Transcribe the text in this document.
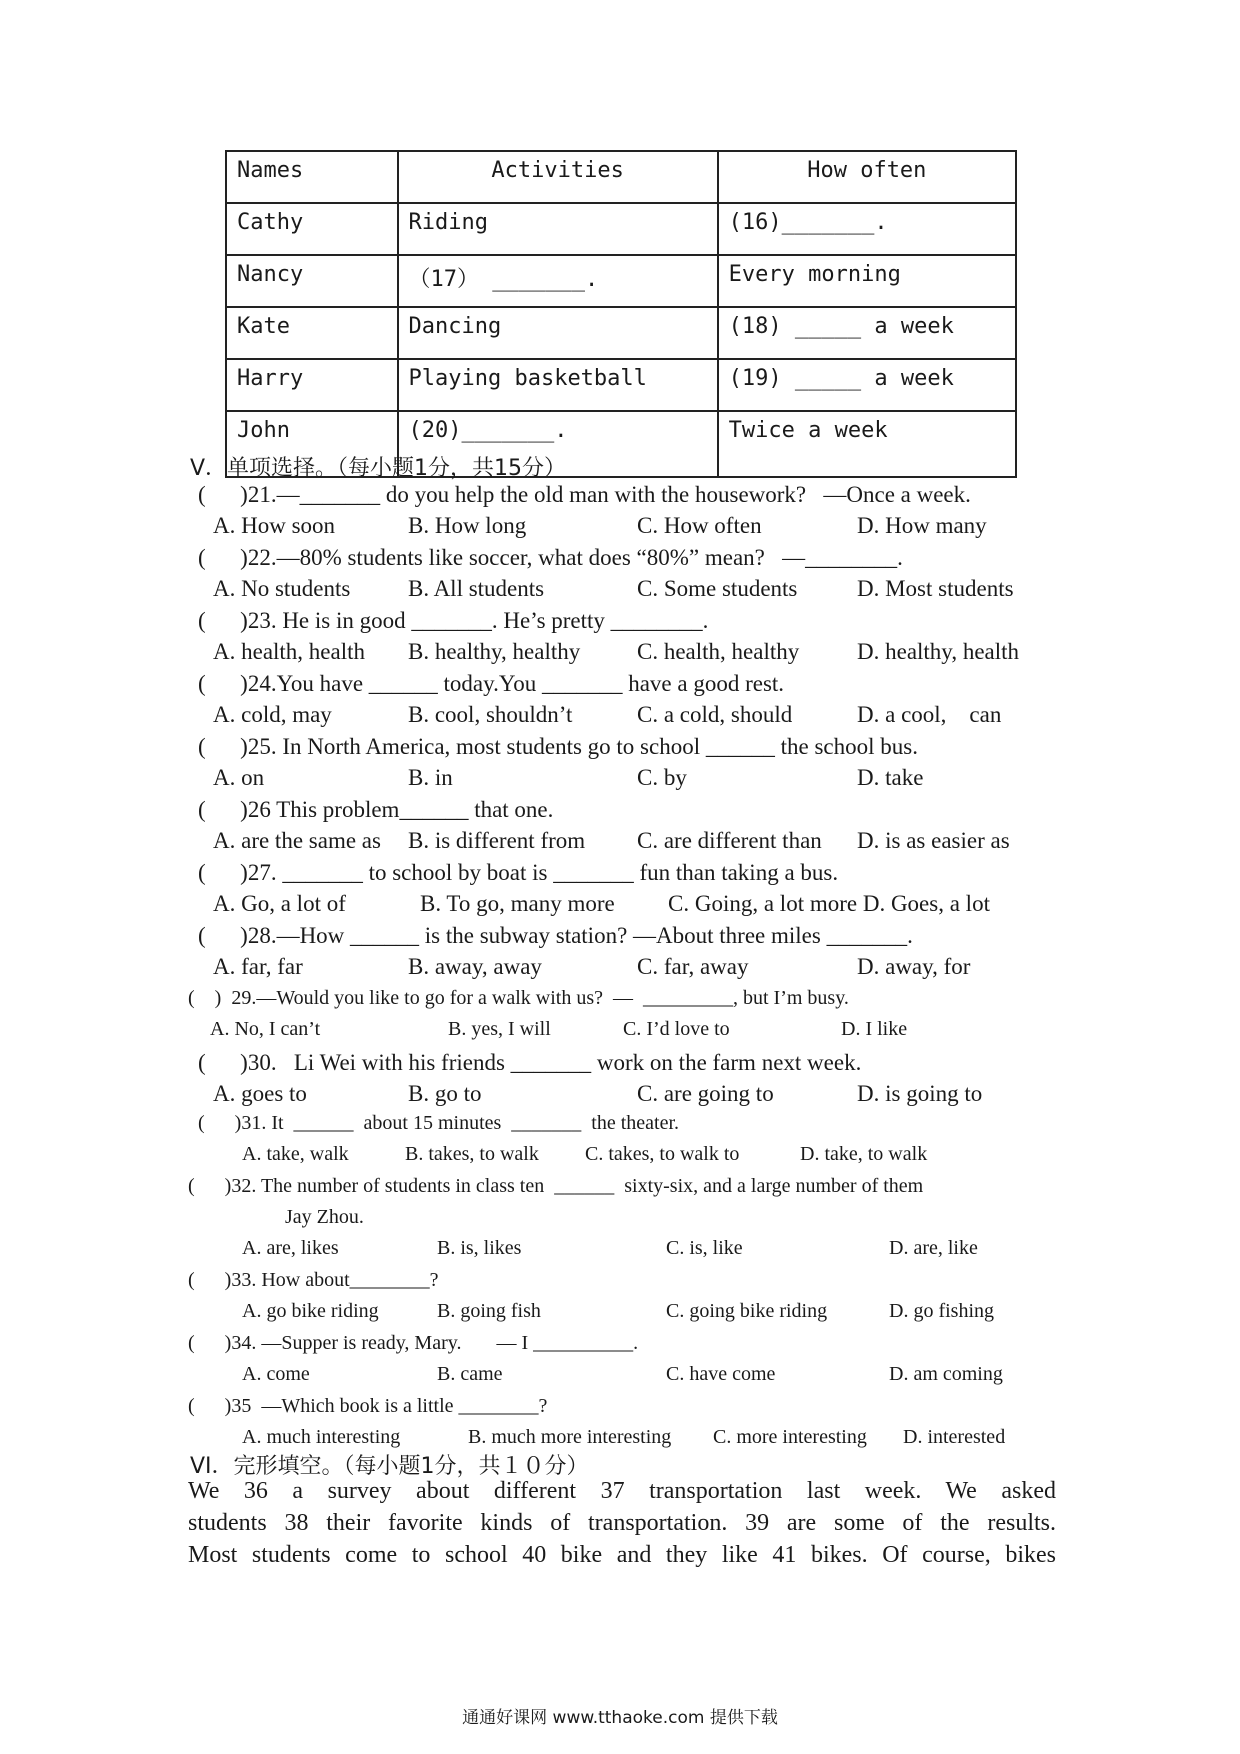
Names	Activities	How often
Cathy	Riding	(16)_______.
Nancy	（17） _______.	Every morning
Kate	Dancing	(18) _____ a week
Harry	Playing basketball	(19) _____ a week
John	(20)_______.	Twice a week
V．单项选择。（每小题1分，共15分）
(      )21.—_______ do you help the old man with the housework?   —Once a week.
A. How soon	B. How long	C. How often	D. How many
(      )22.—80% students like soccer, what does “80%” mean?   —________.
A. No students	B. All students	C. Some students	D. Most students
(      )23. He is in good _______. He’s pretty ________.
A. health, health B. healthy, healthy C. health, healthy	D. healthy, health
(      )24.You have ______ today.You _______ have a good rest.
A. cold, may	B. cool, shouldn’t	C. a cold, should	D. a cool,    can
(      )25. In North America, most students go to school ______ the school bus.
A. on	B. in	C. by	D. take
(      )26 This problem______ that one.
A. are the same as B. is different from C. are different than D. is as easier as
(      )27. _______ to school by boat is _______ fun than taking a bus.
A. Go, a lot of	B. To go, many more C. Going, a lot more D. Goes, a lot
(      )28.—How ______ is the subway station? —About three miles _______.
A. far, far	B. away, away	C. far, away	D. away, for
(    )  29.—Would you like to go for a walk with us?  —  _________, but I’m busy.
A. No, I can’t	B. yes, I will	C. I’d love to	D. I like
(      )30.   Li Wei with his friends _______ work on the farm next week.
A. goes to	B. go to	C. are going to	D. is going to
(      )31. It  ______  about 15 minutes  _______  the theater.
A. take, walk	B. takes, to walk C. takes, to walk to	D. take, to walk
(      )32. The number of students in class ten  ______  sixty-six, and a large number of them
Jay Zhou.
A. are, likes	B. is, likes	C. is, like	D. are, like
(      )33. How about________?
A. go bike riding	B. going fish	C. going bike riding	D. go fishing
(      )34. —Supper is ready, Mary.       — I __________.
A. come	B. came	C. have come	D. am coming
(      )35  —Which book is a little ________?
A. much interesting	B. much more interesting C. more interesting D. interested
VI．完形填空。（每小题1分，共１０分）
We 36 a survey about different 37 transportation last week. We asked
students 38 their favorite kinds of transportation. 39 are some of the results.
Most students come to school 40 bike and they like 41 bikes. Of course, bikes
通通好课网 www.tthaoke.com 提供下载
